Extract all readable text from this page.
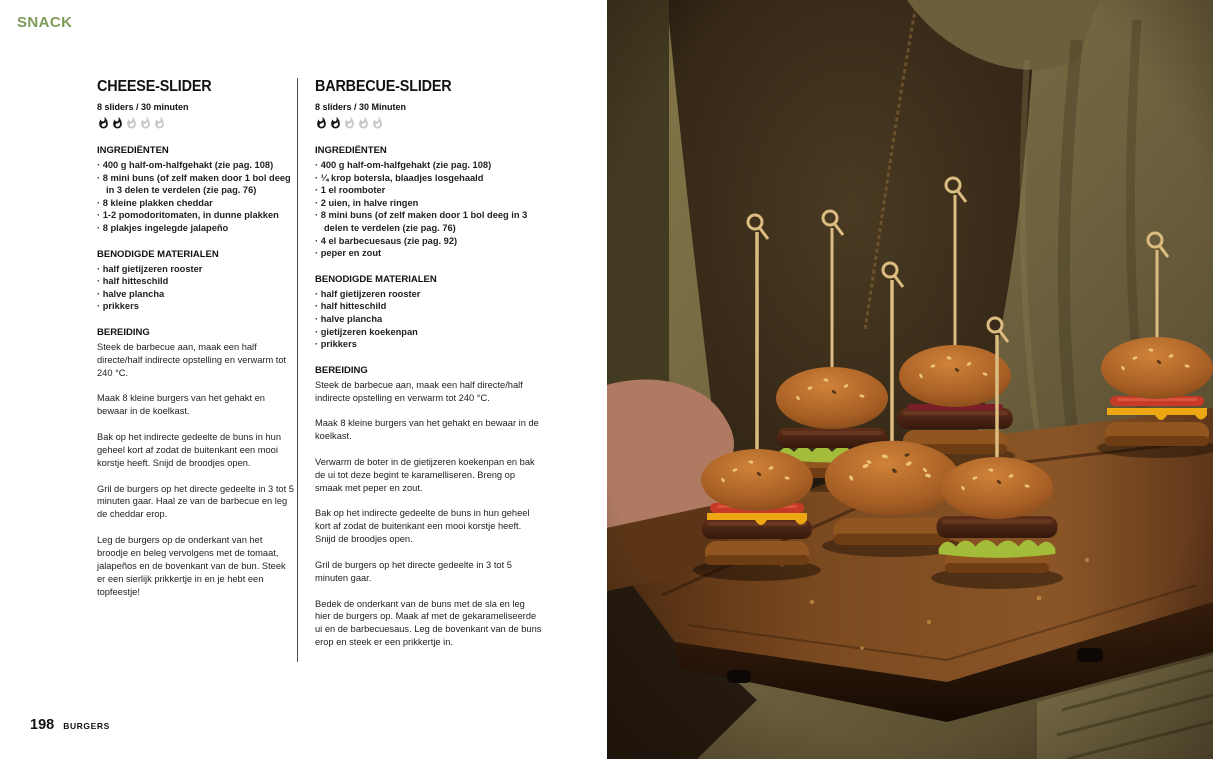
SNACK
CHEESE-SLIDER
8 sliders / 30 minuten
INGREDIËNTEN
· 400 g half-om-halfgehakt (zie pag. 108)
· 8 mini buns (of zelf maken door 1 bol deeg in 3 delen te verdelen (zie pag. 76)
· 8 kleine plakken cheddar
· 1-2 pomodoritomaten, in dunne plakken
· 8 plakjes ingelegde jalapeño
BENODIGDE MATERIALEN
· half gietijzeren rooster
· half hitteschild
· halve plancha
· prikkers
BEREIDING

Steek de barbecue aan, maak een half directe/half indirecte opstelling en verwarm tot 240 °C.

Maak 8 kleine burgers van het gehakt en bewaar in de koelkast.

Bak op het indirecte gedeelte de buns in hun geheel kort af zodat de buitenkant een mooi korstje heeft. Snijd de broodjes open.

Gril de burgers op het directe gedeelte in 3 tot 5 minuten gaar. Haal ze van de barbecue en leg de cheddar erop.

Leg de burgers op de onderkant van het broodje en beleg vervolgens met de tomaat, jalapeños en de bovenkant van de bun. Steek er een sierlijk prikkertje in en je hebt een topfeestje!

BARBECUE-SLIDER
8 sliders / 30 Minuten
INGREDIËNTEN
· 400 g half-om-halfgehakt (zie pag. 108)
· ¼ krop botersla, blaadjes losgehaald
· 1 el roomboter
· 2 uien, in halve ringen
· 8 mini buns (of zelf maken door 1 bol deeg in 3 delen te verdelen (zie pag. 76)
· 4 el barbecuesaus (zie pag. 92)
· peper en zout
BENODIGDE MATERIALEN
· half gietijzeren rooster
· half hitteschild
· halve plancha
· gietijzeren koekenpan
· prikkers
BEREIDING

Steek de barbecue aan, maak een half directe/half indirecte opstelling en verwarm tot 240 °C.

Maak 8 kleine burgers van het gehakt en bewaar in de koelkast.

Verwarm de boter in de gietijzeren koekenpan en bak de ui tot deze begint te karamelliseren. Breng op smaak met peper en zout.

Bak op het indirecte gedeelte de buns in hun geheel kort af zodat de buitenkant een mooi korstje heeft. Snijd de broodjes open.

Gril de burgers op het directe gedeelte in 3 tot 5 minuten gaar.

Bedek de onderkant van de buns met de sla en leg hier de burgers op. Maak af met de gekarameliseerde ui en de barbecuesaus. Leg de bovenkant van de buns erop en steek er een prikkertje in.

198 BURGERS
